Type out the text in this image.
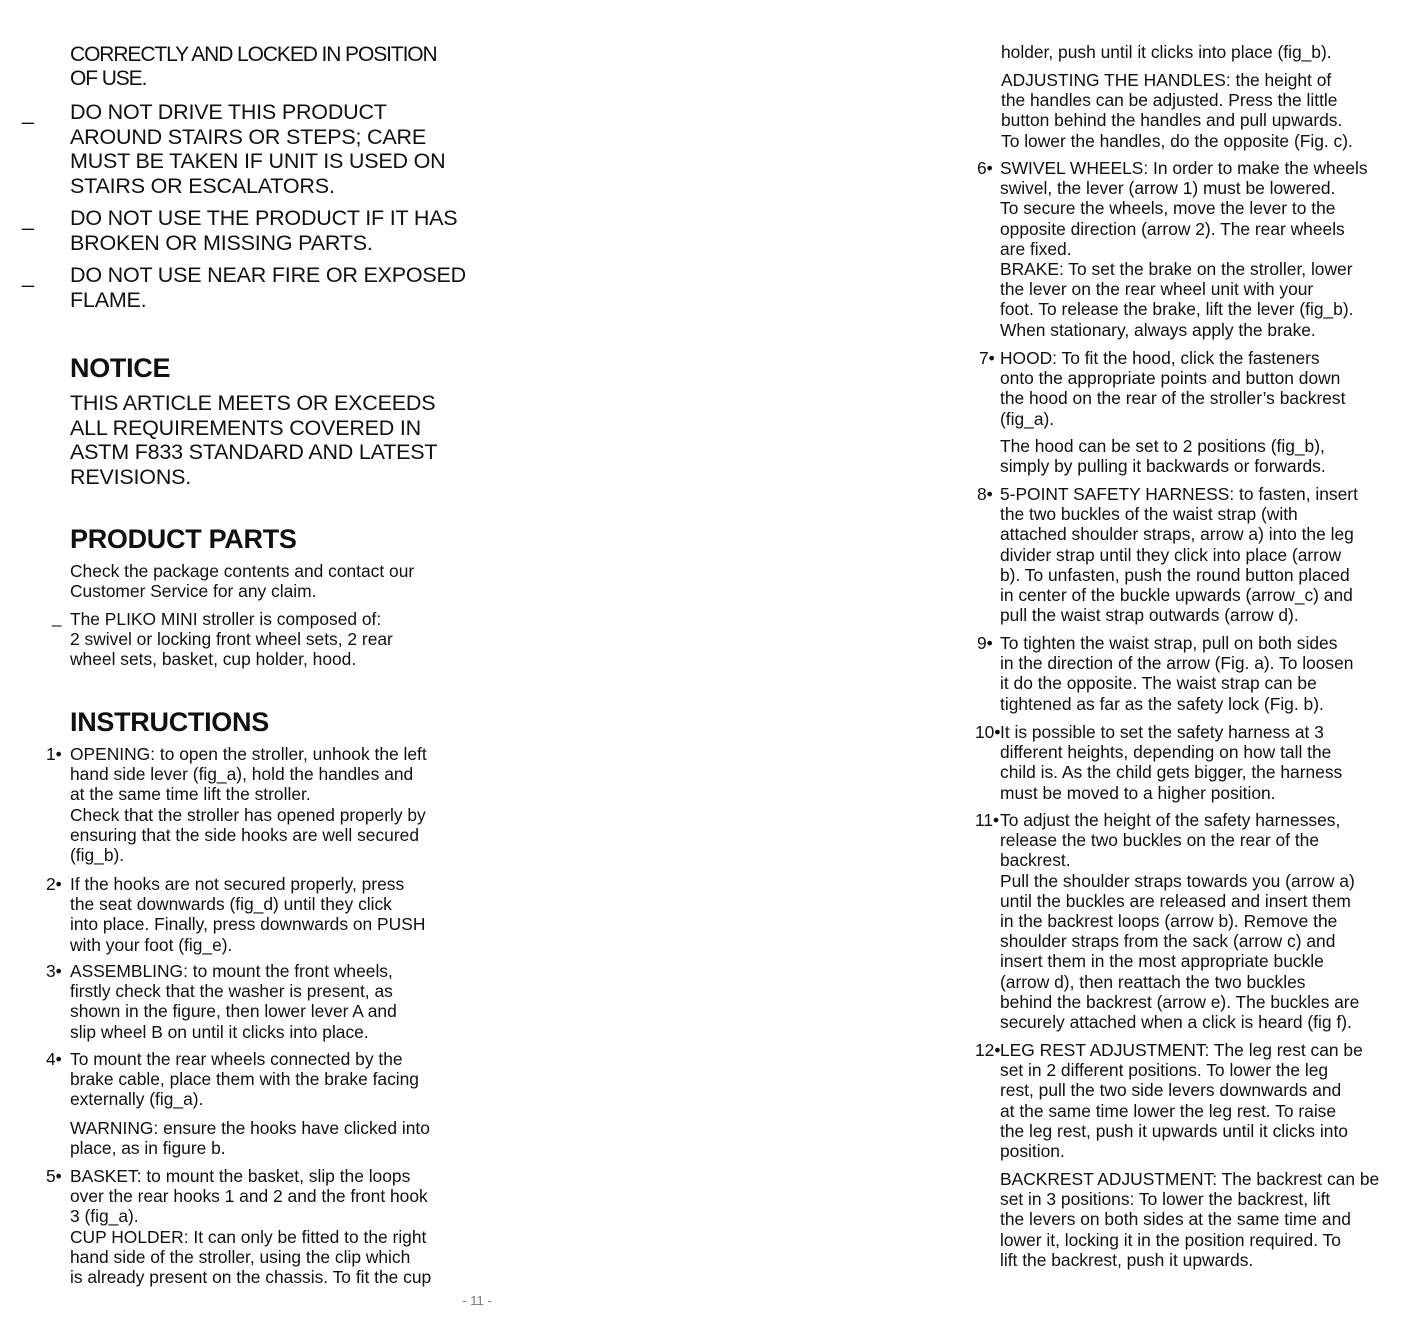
CORRECTLY AND LOCKED IN POSITION
OF USE.
_ DO NOT DRIVE THIS PRODUCT
AROUND STAIRS OR STEPS; CARE
MUST BE TAKEN IF UNIT IS USED ON
STAIRS OR ESCALATORS.
_ DO NOT USE THE PRODUCT IF IT HAS
BROKEN OR MISSING PARTS.
_ DO NOT USE NEAR FIRE OR EXPOSED
FLAME.
NOTICE
THIS ARTICLE MEETS OR EXCEEDS
ALL REQUIREMENTS COVERED IN
ASTM F833 STANDARD AND LATEST
REVISIONS.
PRODUCT PARTS
Check the package contents and contact our
Customer Service for any claim.
_ The PLIKO MINI stroller is composed of:
2 swivel or locking front wheel sets, 2 rear
wheel sets, basket, cup holder, hood.
INSTRUCTIONS
1• OPENING: to open the stroller, unhook the left
hand side lever (fig_a), hold the handles and
at the same time lift the stroller.
Check that the stroller has opened properly by
ensuring that the side hooks are well secured
(fig_b).
2• If the hooks are not secured properly, press
the seat downwards (fig_d) until they click
into place. Finally, press downwards on PUSH
with your foot (fig_e).
3• ASSEMBLING: to mount the front wheels,
firstly check that the washer is present, as
shown in the figure, then lower lever A and
slip wheel B on until it clicks into place.
4• To mount the rear wheels connected by the
brake cable, place them with the brake facing
externally (fig_a).
WARNING: ensure the hooks have clicked into
place, as in figure b.
5• BASKET: to mount the basket, slip the loops
over the rear hooks 1 and 2 and the front hook
3 (fig_a).
CUP HOLDER: It can only be fitted to the right
hand side of the stroller, using the clip which
is already present on the chassis. To fit the cup
holder, push until it clicks into place (fig_b).
ADJUSTING THE HANDLES: the height of
the handles can be adjusted. Press the little
button behind the handles and pull upwards.
To lower the handles, do the opposite (Fig. c).
6• SWIVEL WHEELS: In order to make the wheels
swivel, the lever (arrow 1) must be lowered.
To secure the wheels, move the lever to the
opposite direction (arrow 2). The rear wheels
are fixed.
BRAKE: To set the brake on the stroller, lower
the lever on the rear wheel unit with your
foot. To release the brake, lift the lever (fig_b).
When stationary, always apply the brake.
7• HOOD: To fit the hood, click the fasteners
onto the appropriate points and button down
the hood on the rear of the stroller’s backrest
(fig_a).
The hood can be set to 2 positions (fig_b),
simply by pulling it backwards or forwards.
8• 5-POINT SAFETY HARNESS: to fasten, insert
the two buckles of the waist strap (with
attached shoulder straps, arrow a) into the leg
divider strap until they click into place (arrow
b). To unfasten, push the round button placed
in center of the buckle upwards (arrow_c) and
pull the waist strap outwards (arrow d).
9• To tighten the waist strap, pull on both sides
in the direction of the arrow (Fig. a). To loosen
it do the opposite. The waist strap can be
tightened as far as the safety lock (Fig. b).
10• It is possible to set the safety harness at 3
different heights, depending on how tall the
child is. As the child gets bigger, the harness
must be moved to a higher position.
11• To adjust the height of the safety harnesses,
release the two buckles on the rear of the
backrest.
Pull the shoulder straps towards you (arrow a)
until the buckles are released and insert them
in the backrest loops (arrow b). Remove the
shoulder straps from the sack (arrow c) and
insert them in the most appropriate buckle
(arrow d), then reattach the two buckles
behind the backrest (arrow e). The buckles are
securely attached when a click is heard (fig f).
12• LEG REST ADJUSTMENT: The leg rest can be
set in 2 different positions. To lower the leg
rest, pull the two side levers downwards and
at the same time lower the leg rest. To raise
the leg rest, push it upwards until it clicks into
position.
BACKREST ADJUSTMENT: The backrest can be
set in 3 positions: To lower the backrest, lift
the levers on both sides at the same time and
lower it, locking it in the position required. To
lift the backrest, push it upwards.
- 11 -
